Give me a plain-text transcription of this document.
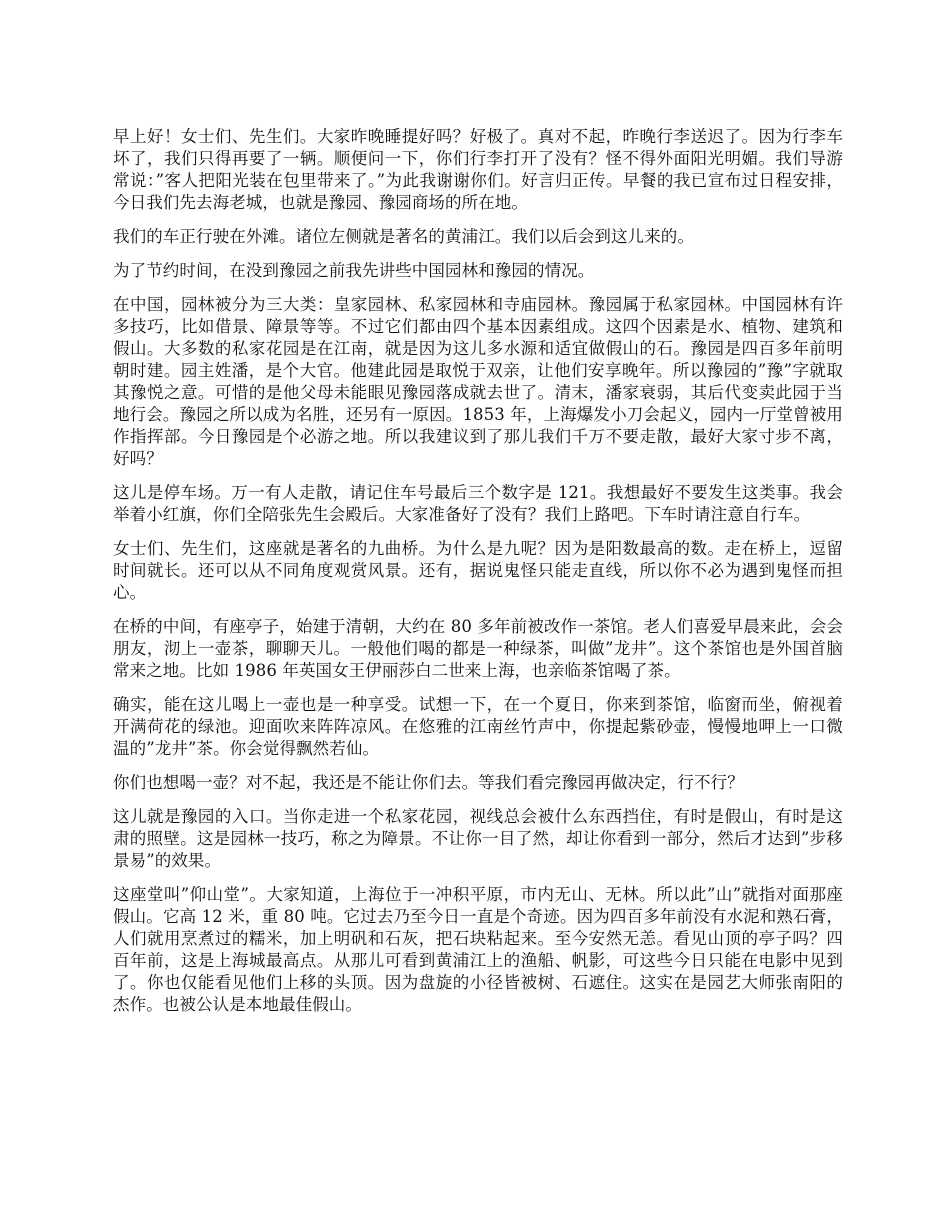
早上好！女士们、先生们。大家昨晚睡提好吗？好极了。真对不起，昨晚行李送迟了。因为行李车坏了，我们只得再要了一辆。顺便问一下，你们行李打开了没有？怪不得外面阳光明媚。我们导游常说：”客人把阳光装在包里带来了。”为此我谢谢你们。好言归正传。早餐的我已宣布过日程安排，今日我们先去海老城，也就是豫园、豫园商场的所在地。

我们的车正行驶在外滩。诸位左侧就是著名的黄浦江。我们以后会到这儿来的。

为了节约时间，在没到豫园之前我先讲些中国园林和豫园的情况。

在中国，园林被分为三大类：皇家园林、私家园林和寺庙园林。豫园属于私家园林。中国园林有许多技巧，比如借景、障景等等。不过它们都由四个基本因素组成。这四个因素是水、植物、建筑和假山。大多数的私家花园是在江南，就是因为这儿多水源和适宜做假山的石。豫园是四百多年前明朝时建。园主姓潘，是个大官。他建此园是取悦于双亲，让他们安享晚年。所以豫园的”豫”字就取其豫悦之意。可惜的是他父母未能眼见豫园落成就去世了。清末，潘家衰弱，其后代变卖此园于当地行会。豫园之所以成为名胜，还另有一原因。1853 年，上海爆发小刀会起义，园内一厅堂曾被用作指挥部。今日豫园是个必游之地。所以我建议到了那儿我们千万不要走散，最好大家寸步不离，好吗？

这儿是停车场。万一有人走散，请记住车号最后三个数字是 121。我想最好不要发生这类事。我会举着小红旗，你们全陪张先生会殿后。大家准备好了没有？我们上路吧。下车时请注意自行车。

女士们、先生们，这座就是著名的九曲桥。为什么是九呢？因为是阳数最高的数。走在桥上，逗留时间就长。还可以从不同角度观赏风景。还有，据说鬼怪只能走直线，所以你不必为遇到鬼怪而担心。

在桥的中间，有座亭子，始建于清朝，大约在 80 多年前被改作一茶馆。老人们喜爱早晨来此，会会朋友，沏上一壶茶，聊聊天儿。一般他们喝的都是一种绿茶，叫做”龙井”。这个茶馆也是外国首脑常来之地。比如 1986 年英国女王伊丽莎白二世来上海，也亲临茶馆喝了茶。

确实，能在这儿喝上一壶也是一种享受。试想一下，在一个夏日，你来到茶馆，临窗而坐，俯视着开满荷花的绿池。迎面吹来阵阵凉风。在悠雅的江南丝竹声中，你提起紫砂壶，慢慢地呷上一口微温的”龙井”茶。你会觉得飘然若仙。

你们也想喝一壶？对不起，我还是不能让你们去。等我们看完豫园再做决定，行不行？

这儿就是豫园的入口。当你走进一个私家花园，视线总会被什么东西挡住，有时是假山，有时是这肃的照壁。这是园林一技巧，称之为障景。不让你一目了然，却让你看到一部分，然后才达到”步移景易”的效果。

这座堂叫”仰山堂”。大家知道，上海位于一冲积平原，市内无山、无林。所以此”山”就指对面那座假山。它高 12 米，重 80 吨。它过去乃至今日一直是个奇迹。因为四百多年前没有水泥和熟石膏，人们就用烹煮过的糯米，加上明矾和石灰，把石块粘起来。至今安然无恙。看见山顶的亭子吗？四百年前，这是上海城最高点。从那儿可看到黄浦江上的渔船、帆影，可这些今日只能在电影中见到了。你也仅能看见他们上移的头顶。因为盘旋的小径皆被树、石遮住。这实在是园艺大师张南阳的杰作。也被公认是本地最佳假山。
